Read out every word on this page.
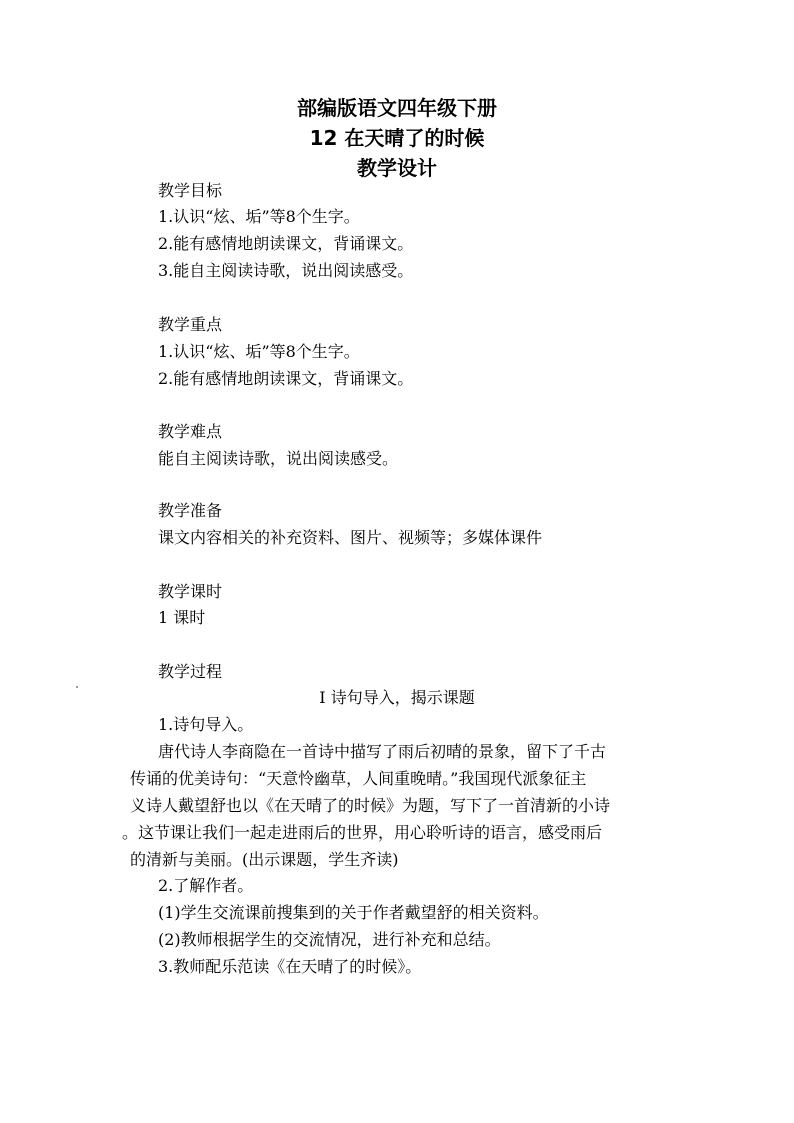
部编版语文四年级下册
12 在天晴了的时候
教学设计
教学目标
1.认识“炫、垢”等8个生字。
2.能有感情地朗读课文，背诵课文。
3.能自主阅读诗歌，说出阅读感受。
教学重点
1.认识“炫、垢”等8个生字。
2.能有感情地朗读课文，背诵课文。
教学难点
能自主阅读诗歌，说出阅读感受。
教学准备
课文内容相关的补充资料、图片、视频等；多媒体课件
教学课时
1 课时
教学过程
Ⅰ 诗句导入，揭示课题
1.诗句导入。
唐代诗人李商隐在一首诗中描写了雨后初晴的景象，留下了千古
传诵的优美诗句：“天意怜幽草，人间重晚晴。”我国现代派象征主
义诗人戴望舒也以《在天晴了的时候》为题，写下了一首清新的小诗
。这节课让我们一起走进雨后的世界，用心聆听诗的语言，感受雨后
的清新与美丽。(出示课题，学生齐读)
2.了解作者。
(1)学生交流课前搜集到的关于作者戴望舒的相关资料。
(2)教师根据学生的交流情况，进行补充和总结。
3.教师配乐范读《在天晴了的时候》。
